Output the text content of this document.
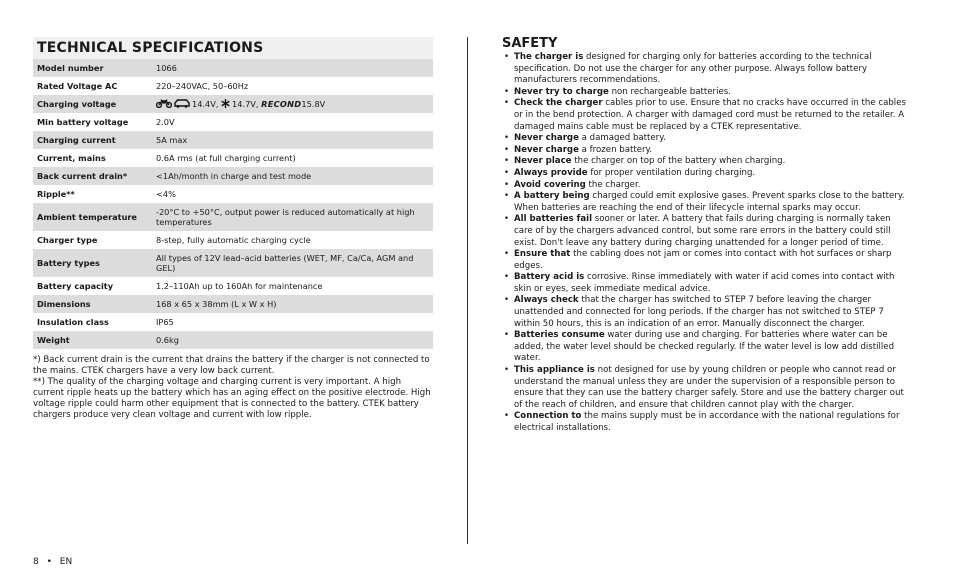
TECHNICAL SPECIFICATIONS
Model number	1066
Rated Voltage AC	220–240VAC, 50–60Hz
Charging voltage	14.4V, 14.7V, RECOND15.8V
Min battery voltage	2.0V
Charging current	5A max
Current, mains	0.6A rms (at full charging current)
Back current drain*	<1Ah/month in charge and test mode
Ripple**	<4%
Ambient temperature	-20°C to +50°C, output power is reduced automatically at high temperatures
Charger type	8-step, fully automatic charging cycle
Battery types	All types of 12V lead–acid batteries (WET, MF, Ca/Ca, AGM and GEL)
Battery capacity	1.2–110Ah up to 160Ah for maintenance
Dimensions	168 x 65 x 38mm (L x W x H)
Insulation class	IP65
Weight	0.6kg
*) Back current drain is the current that drains the battery if the charger is not connected to the mains. CTEK chargers have a very low back current.
**) The quality of the charging voltage and charging current is very important. A high current ripple heats up the battery which has an aging effect on the positive electrode. High voltage ripple could harm other equipment that is connected to the battery. CTEK battery chargers produce very clean voltage and current with low ripple.
SAFETY
• The charger is designed for charging only for batteries according to the technical specification. Do not use the charger for any other purpose. Always follow battery manufacturers recommendations.
• Never try to charge non rechargeable batteries.
• Check the charger cables prior to use. Ensure that no cracks have occurred in the cables or in the bend protection. A charger with damaged cord must be returned to the retailer. A damaged mains cable must be replaced by a CTEK representative.
• Never charge a damaged battery.
• Never charge a frozen battery.
• Never place the charger on top of the battery when charging.
• Always provide for proper ventilation during charging.
• Avoid covering the charger.
• A battery being charged could emit explosive gases. Prevent sparks close to the battery. When batteries are reaching the end of their lifecycle internal sparks may occur.
• All batteries fail sooner or later. A battery that fails during charging is normally taken care of by the chargers advanced control, but some rare errors in the battery could still exist. Don't leave any battery during charging unattended for a longer period of time.
• Ensure that the cabling does not jam or comes into contact with hot surfaces or sharp edges.
• Battery acid is corrosive. Rinse immediately with water if acid comes into contact with skin or eyes, seek immediate medical advice.
• Always check that the charger has switched to STEP 7 before leaving the charger unattended and connected for long periods. If the charger has not switched to STEP 7 within 50 hours, this is an indication of an error. Manually disconnect the charger.
• Batteries consume water during use and charging. For batteries where water can be added, the water level should be checked regularly. If the water level is low add distilled water.
• This appliance is not designed for use by young children or people who cannot read or understand the manual unless they are under the supervision of a responsible person to ensure that they can use the battery charger safely. Store and use the battery charger out of the reach of children, and ensure that children cannot play with the charger.
• Connection to the mains supply must be in accordance with the national regulations for electrical installations.
8 • EN
